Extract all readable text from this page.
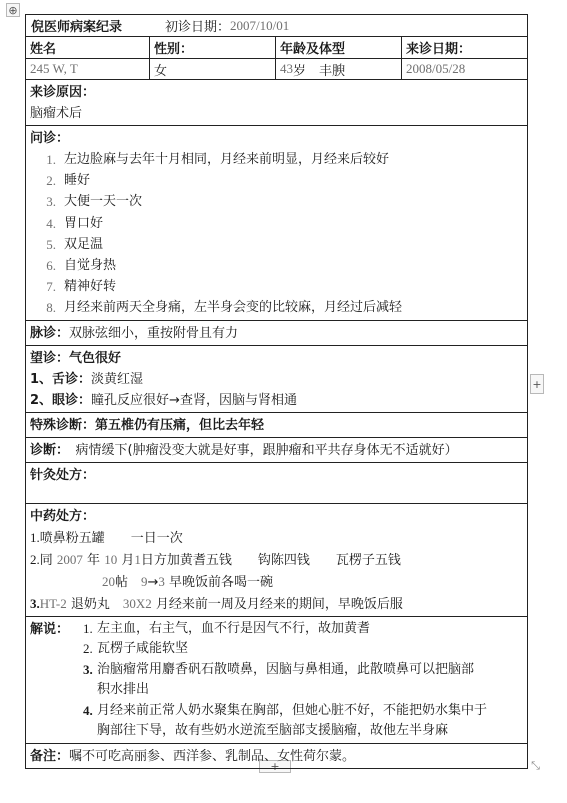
⊕
+
+	⤡
倪医师病案纪录	初诊日期： 2007/10/01
姓名	性别：	年龄及体型	来诊日期：
245 W, T	女	43 岁　丰腴	2008/05/28
来诊原因：
脑瘤术后
问诊：
1. 左边脸麻与去年十月相同，月经来前明显，月经来后较好
2. 睡好
3. 大便一天一次
4. 胃口好
5. 双足温
6. 自觉身热
7. 精神好转
8. 月经来前两天全身痛，左半身会变的比较麻，月经过后减轻
脉诊：双脉弦细小，重按附骨且有力
望诊：气色很好
1、舌诊：淡黄红湿
2、眼诊：瞳孔反应很好→查肾，因脑与肾相通
特殊诊断：第五椎仍有压痛，但比去年轻
诊断：　病情缓下(肿瘤没变大就是好事，跟肿瘤和平共存身体无不适就好）
针灸处方：
中药处方：
1.喷鼻粉五罐　　一日一次
2.同 2007 年 10 月1日方加黄耆五钱　　钩陈四钱　　瓦楞子五钱
20帖　9→3 早晚饭前各喝一碗
3.HT-2 退奶丸　30X2 月经来前一周及月经来的期间，早晚饭后服
解说：	1. 左主血，右主气，血不行是因气不行，故加黄耆
2. 瓦楞子咸能软坚
3. 治脑瘤常用麝香矾石散喷鼻，因脑与鼻相通，此散喷鼻可以把脑部
积水排出
4. 月经来前正常人奶水聚集在胸部，但她心脏不好，不能把奶水集中于
胸部往下导，故有些奶水逆流至脑部支援脑瘤，故他左半身麻
备注：嘱不可吃高丽参、西洋参、乳制品、女性荷尔蒙。
